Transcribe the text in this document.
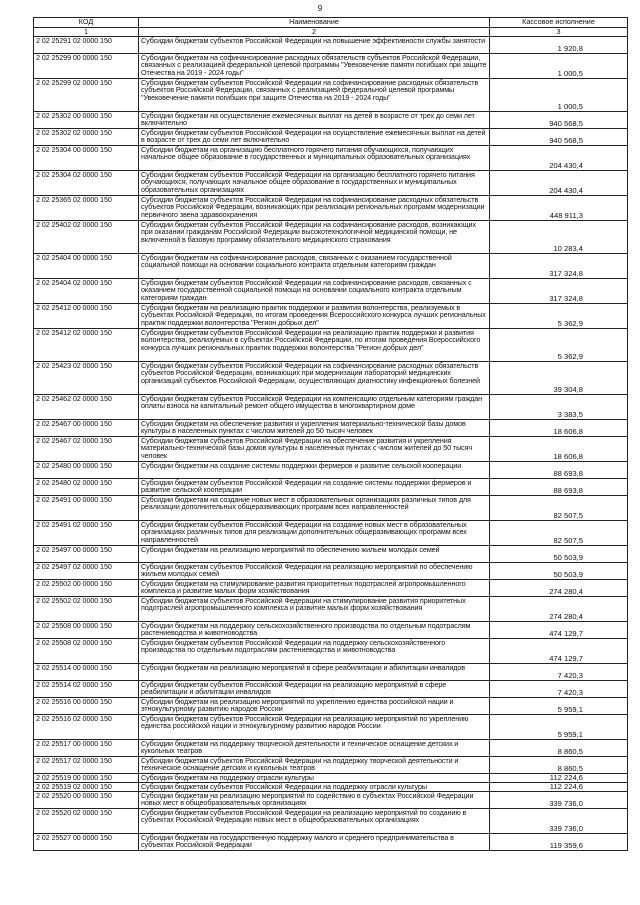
9
КОД	Наименование	Кассовое исполнение
1	2	3
2 02 25291 02 0000 150	Субсидии бюджетам субъектов Российской Федерации на повышение эффективности службы занятости	1 920,8
2 02 25299 00 0000 150	Субсидии бюджетам на софинансирование расходных обязательств субъектов Российской Федерации, связанных с реализацией федеральной целевой программы "Увековечение памяти погибших при защите Отечества на 2019 - 2024 годы"	1 000,5
2 02 25299 02 0000 150	Субсидии бюджетам субъектов Российской Федерации на софинансирование расходных обязательств субъектов Российской Федерации, связанных с реализацией федеральной целевой программы "Увековечение памяти погибших при защите Отечества на 2019 - 2024 годы"	1 000,5
2 02 25302 00 0000 150	Субсидии бюджетам на осуществление ежемесячных выплат на детей в возрасте от трех до семи лет включительно	940 568,5
2 02 25302 02 0000 150	Субсидии бюджетам субъектов Российской Федерации на осуществление ежемесячных выплат на детей в возрасте от трех до семи лет включительно	940 568,5
2 02 25304 00 0000 150	Субсидии бюджетам на организацию бесплатного горячего питания обучающихся, получающих начальное общее образование в государственных и муниципальных образовательных организациях	204 430,4
2 02 25304 02 0000 150	Субсидии бюджетам субъектов Российской Федерации на организацию бесплатного горячего питания обучающихся, получающих начальное общее образование в государственных и муниципальных образовательных организациях	204 430,4
2 02 25365 02 0000 150	Субсидии бюджетам субъектов Российской Федерации на софинансирование расходных обязательств субъектов Российской Федерации, возникающих при реализации региональных программ модернизации первичного звена здравоохранения	448 911,3
2 02 25402 02 0000 150	Субсидии бюджетам субъектов Российской Федерации на софинансирование расходов, возникающих при оказании гражданам Российской Федерации высокотехнологичной медицинской помощи, не включенной в базовую программу обязательного медицинского страхования	10 283,4
2 02 25404 00 0000 150	Субсидии бюджетам на софинансирование расходов, связанных с оказанием государственной социальной помощи на основании социального контракта отдельным категориям граждан	317 324,8
2 02 25404 02 0000 150	Субсидии бюджетам субъектов Российской Федерации на софинансирование расходов, связанных с оказанием государственной социальной помощи на основании социального контракта отдельным категориям граждан	317 324,8
2 02 25412 00 0000 150	Субсидии бюджетам на реализацию практик поддержки и развития волонтерства, реализуемых в субъектах Российской Федерации, по итогам проведения Всероссийского конкурса лучших региональных практик поддержки волонтерства "Регион добрых дел"	5 362,9
2 02 25412 02 0000 150	Субсидии бюджетам субъектов Российской Федерации на реализацию практик поддержки и развития волонтерства, реализуемых в субъектах Российской Федерации, по итогам проведения Всероссийского конкурса лучших региональных практик поддержки волонтерства "Регион добрых дел"	5 362,9
2 02 25423 02 0000 150	Субсидии бюджетам субъектов Российской Федерации на софинансирование расходных обязательств субъектов Российской Федерации, возникающих при модернизации лабораторий медицинских организаций субъектов Российской Федерации, осуществляющих диагностику инфекционных болезней	39 304,8
2 02 25462 02 0000 150	Субсидии бюджетам субъектов Российской Федерации на компенсацию отдельным категориям граждан оплаты взноса на капитальный ремонт общего имущества в многоквартирном доме	3 383,5
2 02 25467 00 0000 150	Субсидии бюджетам на обеспечение развития и укрепления материально-технической базы домов культуры в населенных пунктах с числом жителей до 50 тысяч человек	18 606,8
2 02 25467 02 0000 150	Субсидии бюджетам субъектов Российской Федерации на обеспечение развития и укрепления материально-технической базы домов культуры в населенных пунктах с числом жителей до 50 тысяч человек	18 606,8
2 02 25480 00 0000 150	Субсидии бюджетам на создание системы поддержки фермеров и развитие сельской кооперации	88 693,8
2 02 25480 02 0000 150	Субсидии бюджетам субъектов Российской Федерации на создание системы поддержки фермеров и развитие сельской кооперации	88 693,8
2 02 25491 00 0000 150	Субсидии бюджетам на создание новых мест в образовательных организациях различных типов для реализации дополнительных общеразвивающих программ всех направленностей	82 507,5
2 02 25491 02 0000 150	Субсидии бюджетам субъектов Российской Федерации на создание новых мест в образовательных организациях различных типов для реализации дополнительных общеразвивающих программ всех направленностей	82 507,5
2 02 25497 00 0000 150	Субсидии бюджетам на реализацию мероприятий по обеспечению жильем молодых семей	50 503,9
2 02 25497 02 0000 150	Субсидии бюджетам субъектов Российской Федерации на реализацию мероприятий по обеспечению жильем молодых семей	50 503,9
2 02 25502 00 0000 150	Субсидии бюджетам на стимулирование развития приоритетных подотраслей агропромышленного комплекса и развитие малых форм хозяйствования	274 280,4
2 02 25502 02 0000 150	Субсидии бюджетам субъектов Российской Федерации на стимулирование развития приоритетных подотраслей агропромышленного комплекса и развитие малых форм хозяйствования	274 280,4
2 02 25508 00 0000 150	Субсидии бюджетам на поддержку сельскохозяйственного производства по отдельным подотраслям растениеводства и животноводства	474 129,7
2 02 25508 02 0000 150	Субсидии бюджетам субъектов Российской Федерации на поддержку сельскохозяйственного производства по отдельным подотраслям растениеводства и животноводства	474 129,7
2 02 25514 00 0000 150	Субсидии бюджетам на реализацию мероприятий в сфере реабилитации и абилитации инвалидов	7 420,3
2 02 25514 02 0000 150	Субсидии бюджетам субъектов Российской Федерации на реализацию мероприятий в сфере реабилитации и абилитации инвалидов	7 420,3
2 02 25516 00 0000 150	Субсидии бюджетам на реализацию мероприятий по укреплению единства российской нации и этнокультурному развитию народов России	5 959,1
2 02 25516 02 0000 150	Субсидии бюджетам субъектов Российской Федерации на реализацию мероприятий по укреплению единства российской нации и этнокультурному развитию народов России	5 959,1
2 02 25517 00 0000 150	Субсидии бюджетам на поддержку творческой деятельности и техническое оснащение детских и кукольных театров	8 860,5
2 02 25517 02 0000 150	Субсидии бюджетам субъектов Российской Федерации на поддержку творческой деятельности и техническое оснащение детских и кукольных театров	8 860,5
2 02 25519 00 0000 150	Субсидия бюджетам на поддержку отрасли культуры	112 224,6
2 02 25519 02 0000 150	Субсидии бюджетам субъектов Российской Федерации на поддержку отрасли культуры	112 224,6
2 02 25520 00 0000 150	Субсидии бюджетам на реализацию мероприятий по содействию в субъектах Российской Федерации новых мест в общеобразовательных организациях	339 736,0
2 02 25520 02 0000 150	Субсидии бюджетам субъектов Российской Федерации на реализацию мероприятий по созданию в субъектах Российской Федерации новых мест в общеобразовательных организациях	339 736,0
2 02 25527 00 0000 150	Субсидии бюджетам на государственную поддержку малого и среднего предпринимательства в субъектах Российской Федерации	119 359,6
